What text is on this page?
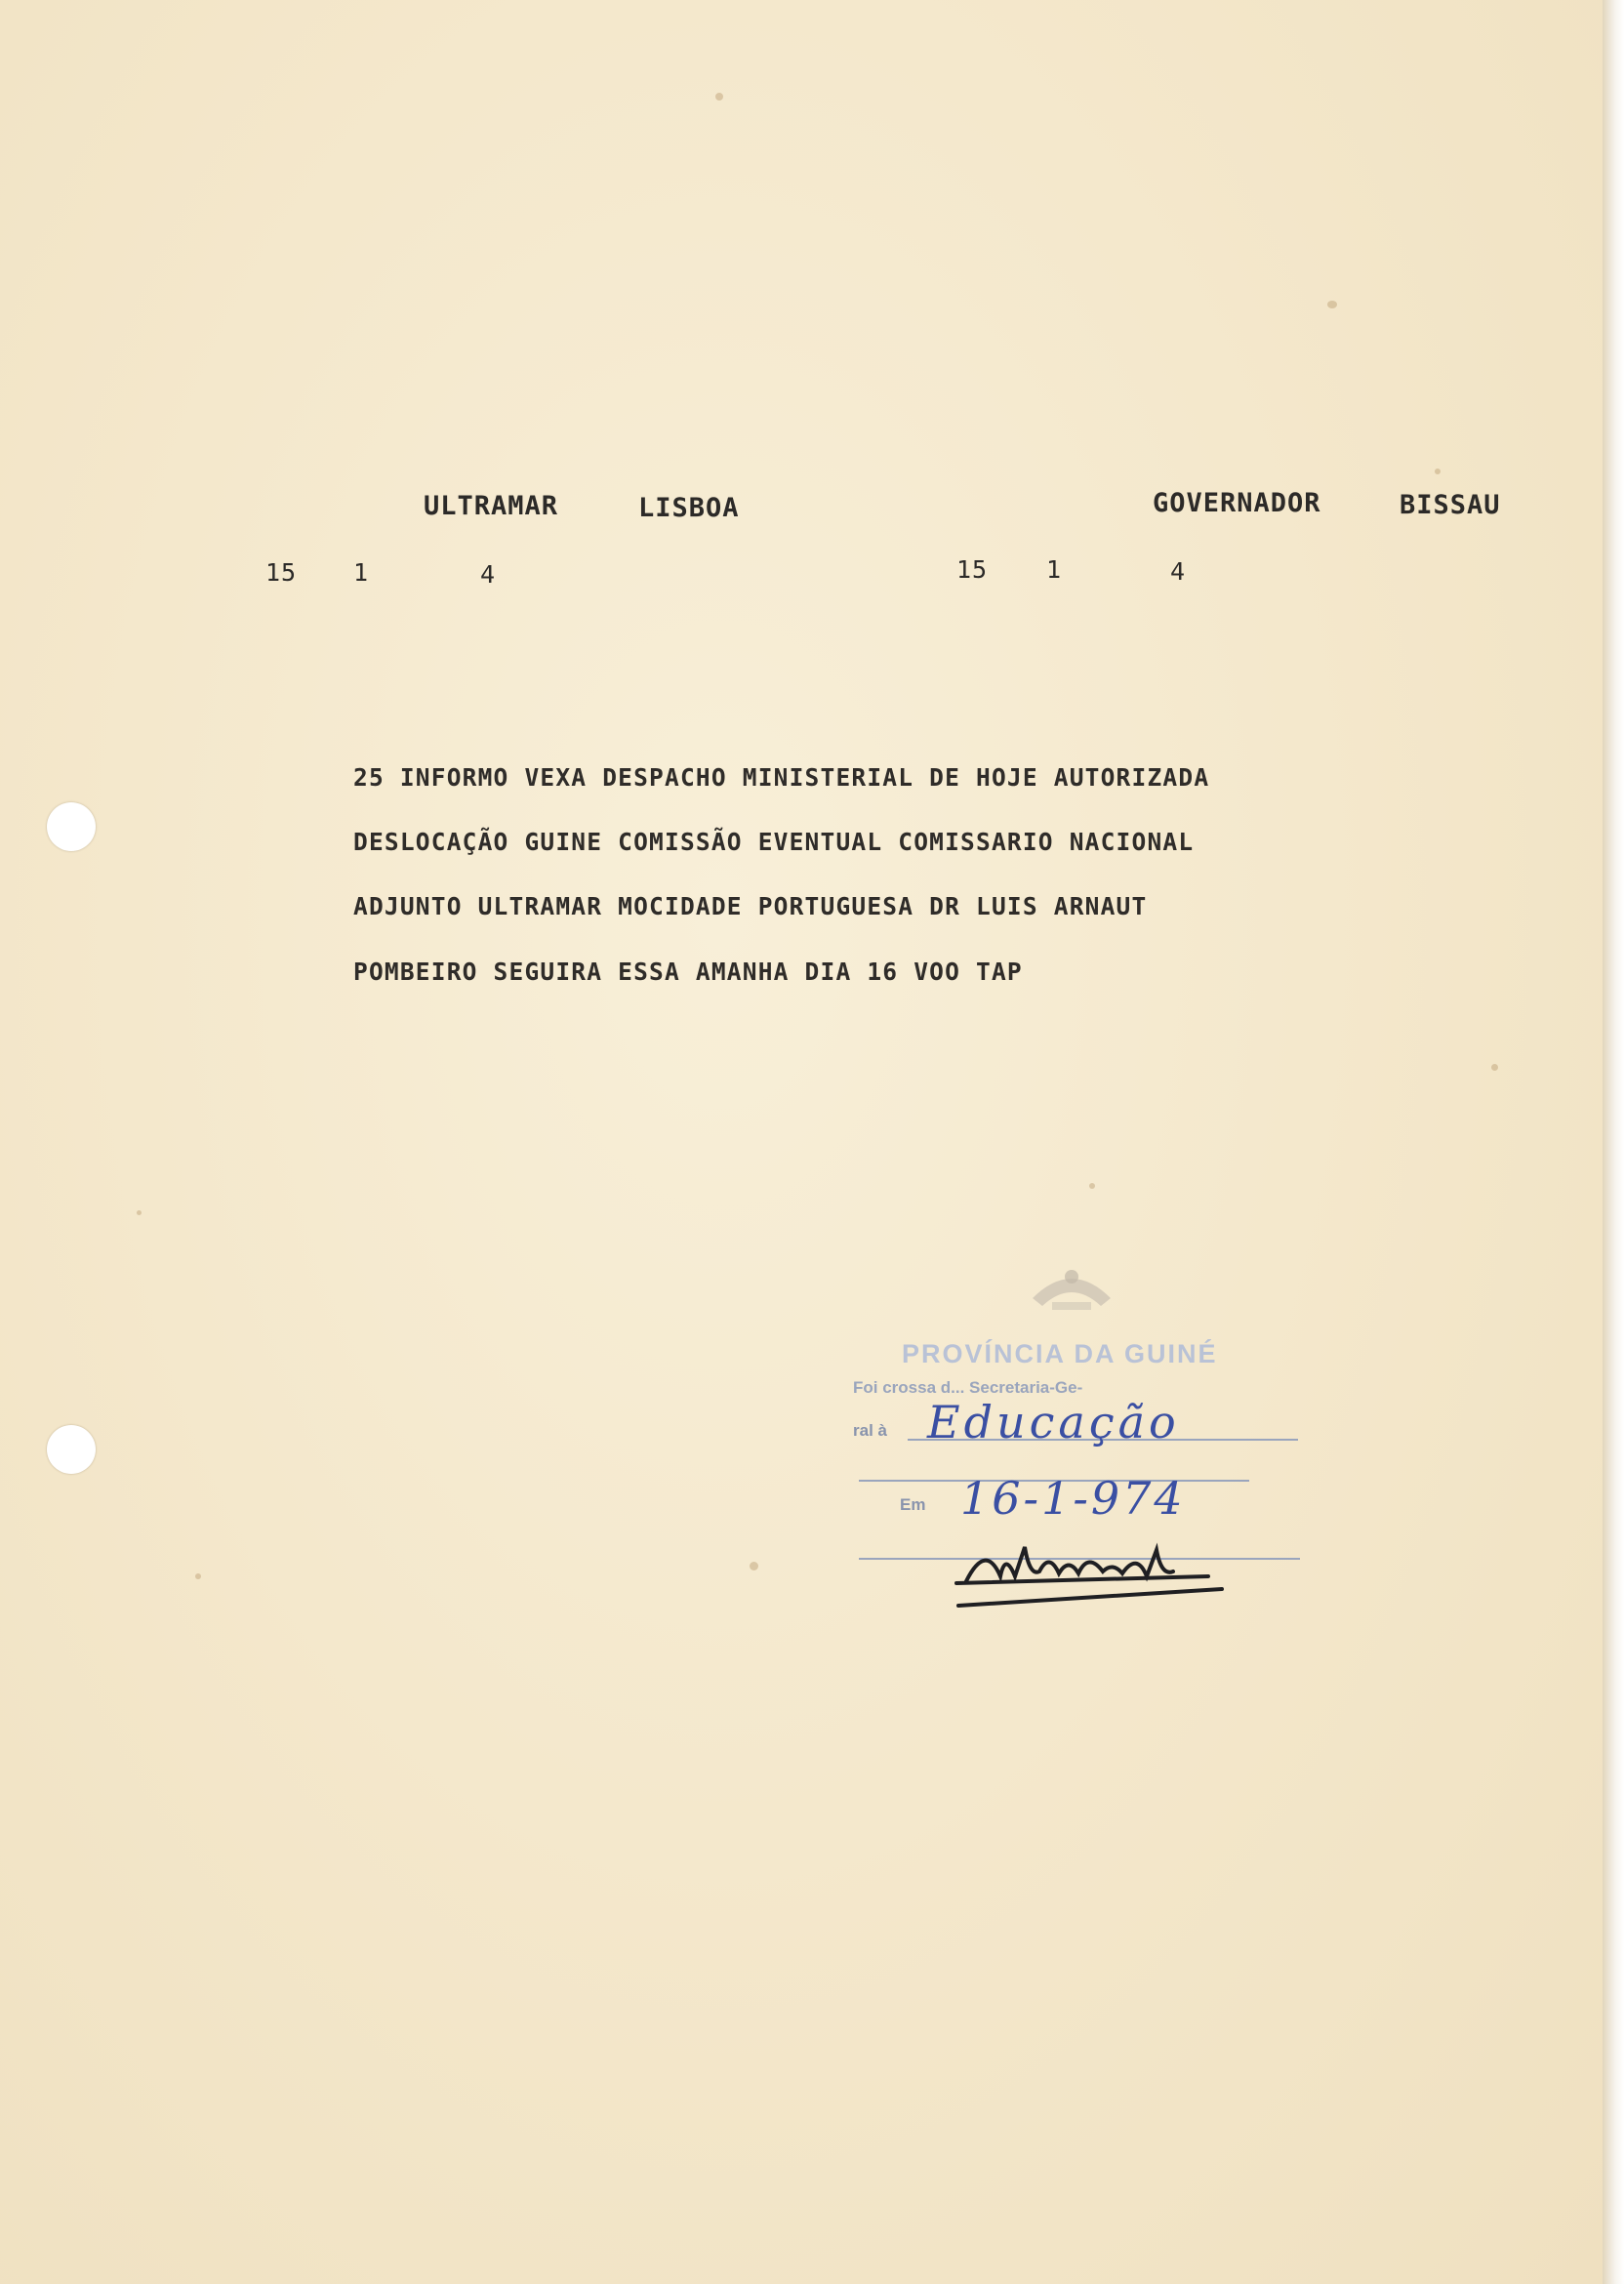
ULTRAMAR	LISBOA	GOVERNADOR	BISSAU
15 1	4	15 1	4
25 INFORMO VEXA DESPACHO MINISTERIAL DE HOJE AUTORIZADA
DESLOCAÇÃO GUINE COMISSÃO EVENTUAL COMISSARIO NACIONAL
ADJUNTO ULTRAMAR MOCIDADE PORTUGUESA DR LUIS ARNAUT
POMBEIRO SEGUIRA ESSA AMANHA DIA 16 VOO TAP
PROVÍNCIA DA GUINÉ
Foi crossa d... Secretaria-Ge-
ral à
Em
Educação
16-1-974
